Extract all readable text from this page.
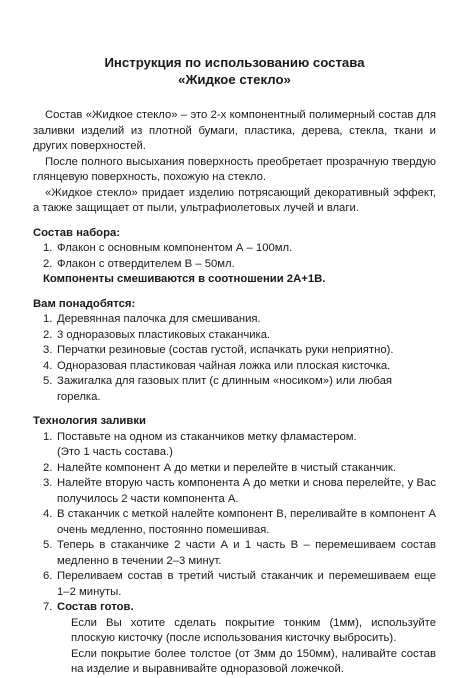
Инструкция по использованию состава
«Жидкое стекло»

Состав «Жидкое стекло» – это 2-х компонентный полимерный состав для заливки изделий из плотной бумаги, пластика, дерева, стекла, ткани и других поверхностей.

После полного высыхания поверхность преобретает прозрачную твердую глянцевую поверхность, похожую на стекло.

«Жидкое стекло» придает изделию потрясающий декоративный эффект, а также защищает от пыли, ультрафиолетовых лучей и влаги.

Состав набора:
1. Флакон с основным компонентом А – 100мл.
2. Флакон с отвердителем В – 50мл.
Компоненты смешиваются в соотношении 2А+1В.
Вам понадобятся:
1. Деревянная палочка для смешивания.
2. 3 одноразовых пластиковых стаканчика.
3. Перчатки резиновые (состав густой, испачкать руки неприятно).
4. Одноразовая пластиковая чайная ложка или плоская кисточка.
5. Зажигалка для газовых плит (с длинным «носиком») или любая горелка.
Технология заливки
1. Поставьте на одном из стаканчиков метку фламастером.
(Это 1 часть состава.)
2. Налейте компонент А до метки и перелейте в чистый стаканчик.
3. Налейте вторую часть компонента А до метки и снова перелейте, у Вас получилось 2 части компонента А.
4. В стаканчик с меткой налейте компонент В, переливайте в компонент А очень медленно, постоянно помешивая.
5. Теперь в стаканчике 2 части А и 1 часть В – перемешиваем состав медленно в течении 2–3 минут.
6. Переливаем состав в третий чистый стаканчик и перемешиваем еще 1–2 минуты.
7. Состав готов.

Если Вы хотите сделать покрытие тонким (1мм), используйте плоскую кисточку (после использования кисточку выбросить).

Если покрытие более толстое (от 3мм до 150мм), наливайте состав на изделие и выравнивайте одноразовой ложечкой.
